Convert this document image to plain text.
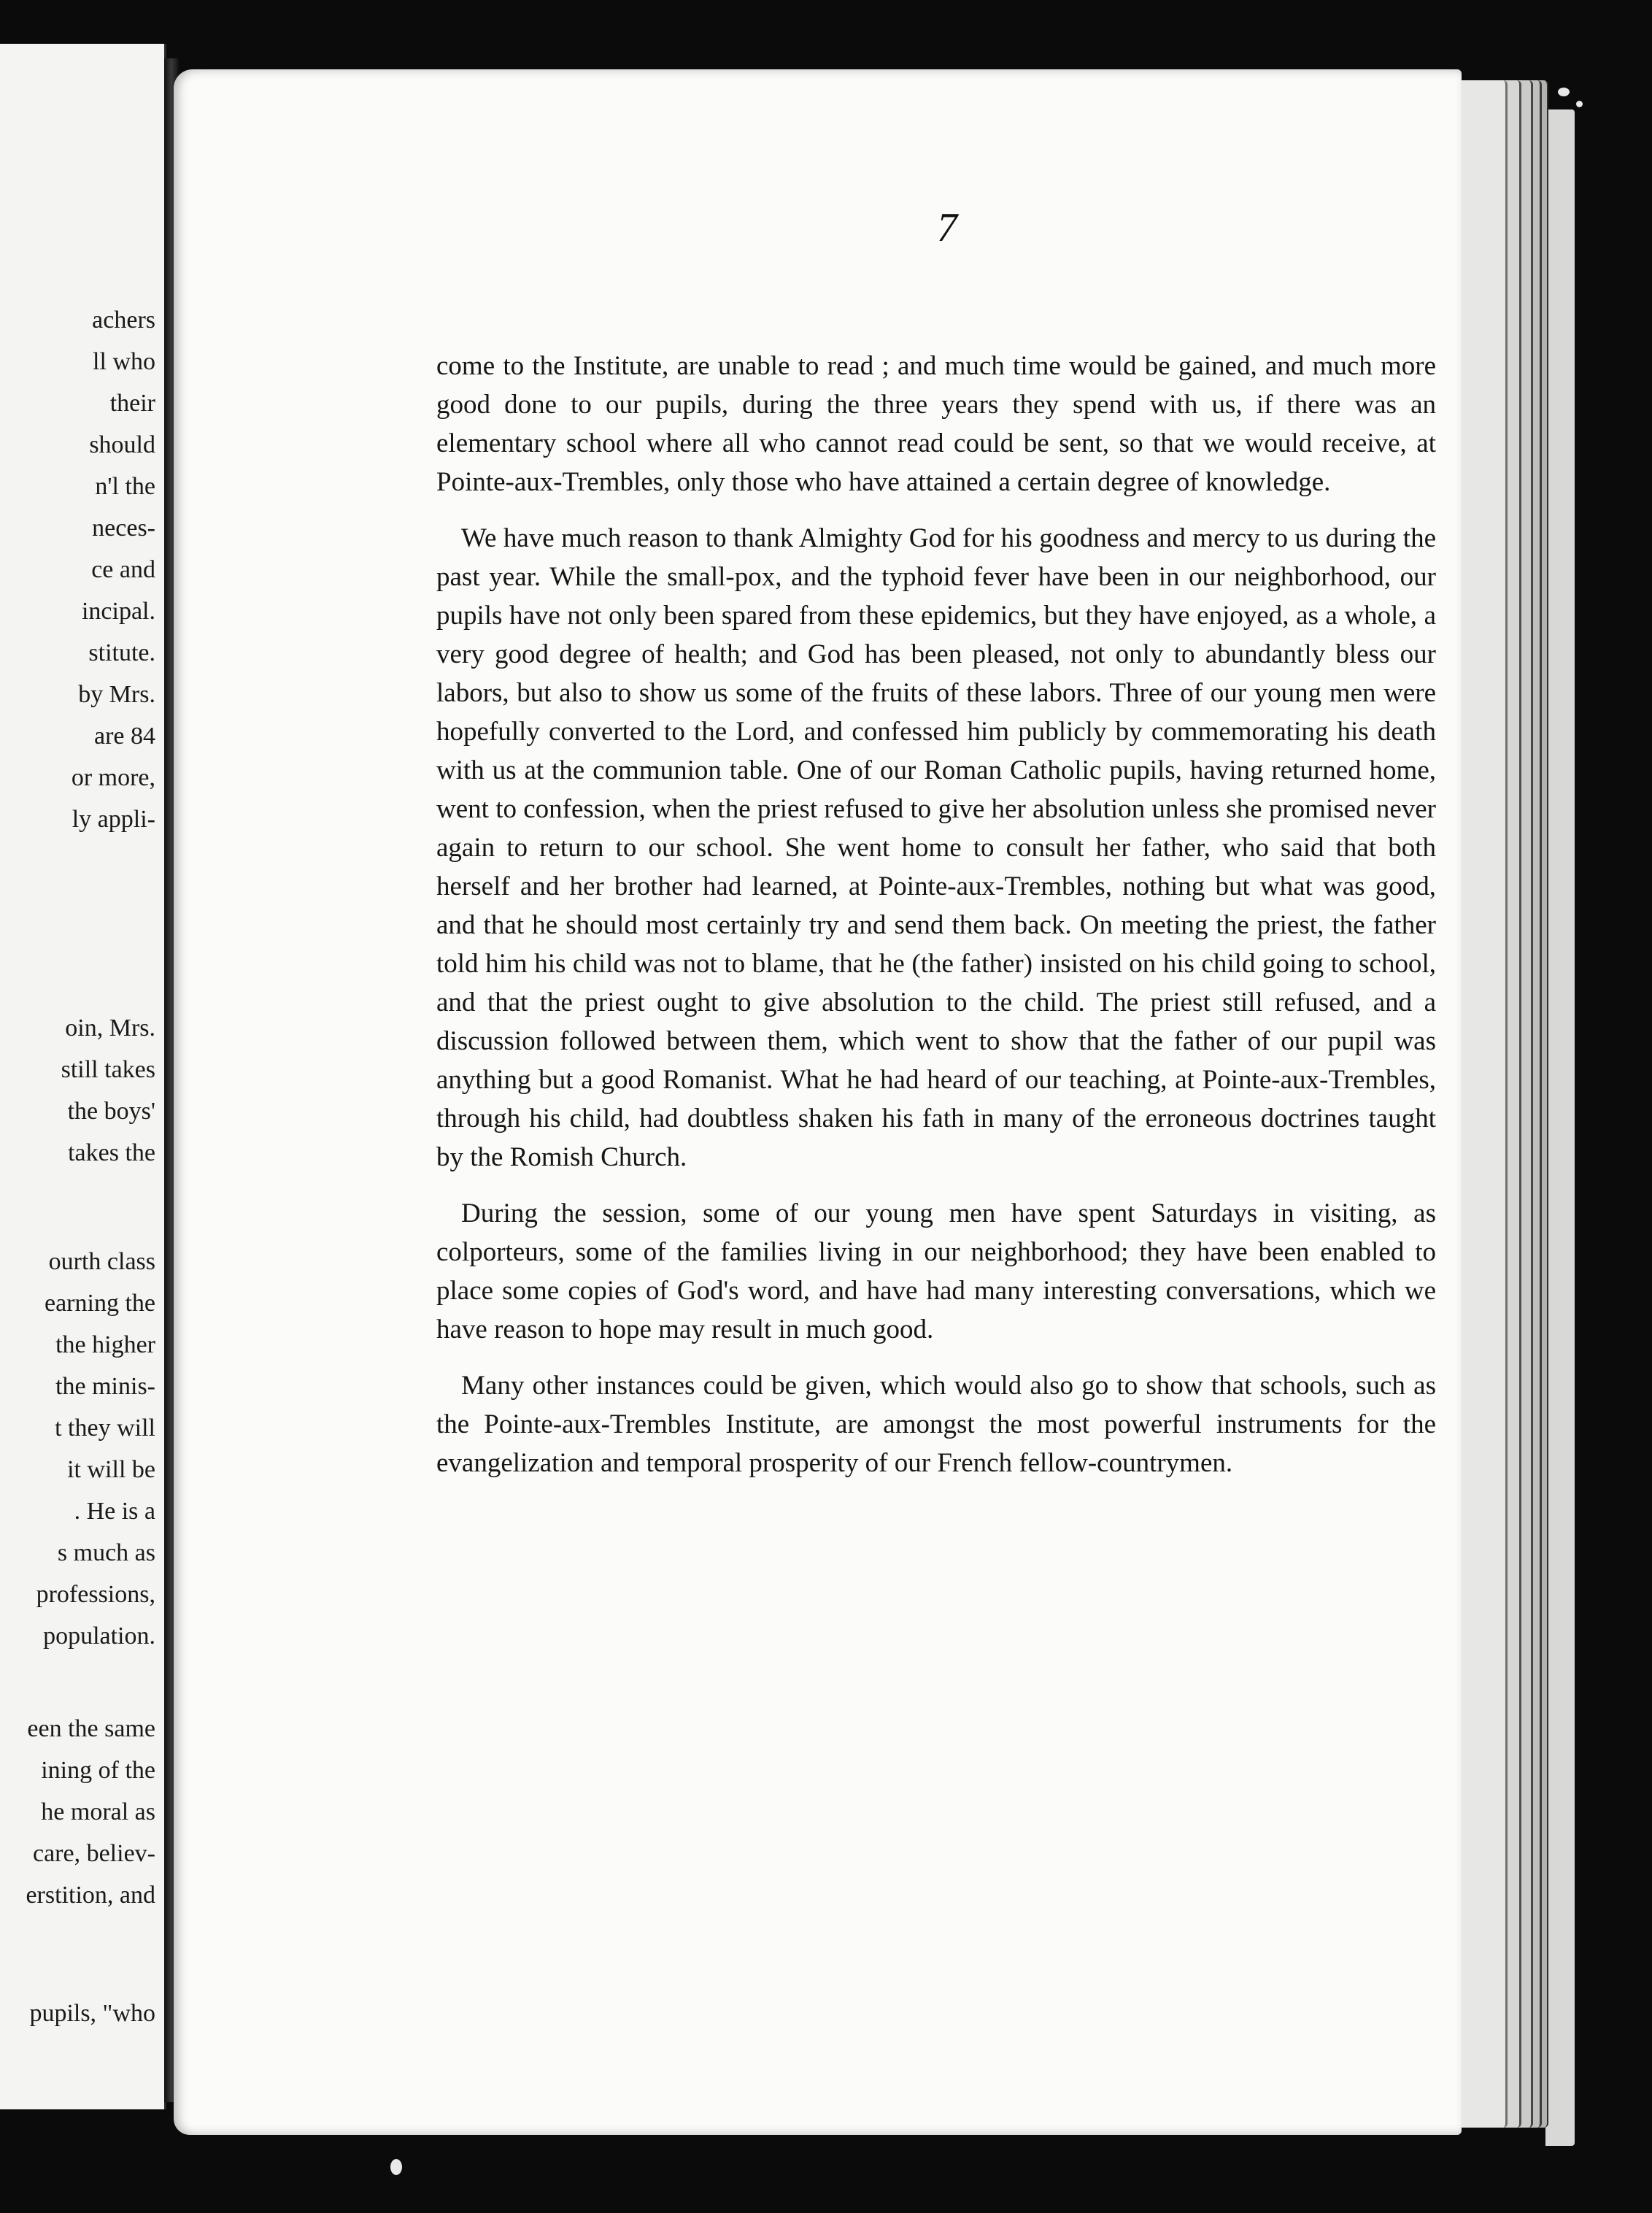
achers
ll who
their
should
n'l the
neces-
ce and
incipal.
stitute.
by Mrs.
are 84
or more,
ly appli-
oin, Mrs.
still takes
the boys'
takes the
ourth class
earning the
the higher
the minis-
t they will
it will be
. He is a
s much as
professions,
population.
een the same
ining of the
he moral as
care, believ-
erstition, and
pupils, "who
7

come to the Institute, are unable to read ; and much time would be gained, and much more good done to our pupils, during the three years they spend with us, if there was an elementary school where all who cannot read could be sent, so that we would receive, at Pointe-aux-Trembles, only those who have attained a certain degree of knowledge.

We have much reason to thank Almighty God for his goodness and mercy to us during the past year. While the small-pox, and the typhoid fever have been in our neighborhood, our pupils have not only been spared from these epidemics, but they have enjoyed, as a whole, a very good degree of health; and God has been pleased, not only to abundantly bless our labors, but also to show us some of the fruits of these labors. Three of our young men were hopefully converted to the Lord, and confessed him publicly by commemorating his death with us at the communion table. One of our Roman Catholic pupils, having returned home, went to confession, when the priest refused to give her absolution unless she promised never again to return to our school. She went home to consult her father, who said that both herself and her brother had learned, at Pointe-aux-Trembles, nothing but what was good, and that he should most certainly try and send them back. On meeting the priest, the father told him his child was not to blame, that he (the father) insisted on his child going to school, and that the priest ought to give absolution to the child. The priest still refused, and a discussion followed between them, which went to show that the father of our pupil was anything but a good Romanist. What he had heard of our teaching, at Pointe-aux-Trembles, through his child, had doubtless shaken his fath in many of the erroneous doctrines taught by the Romish Church.

During the session, some of our young men have spent Saturdays in visiting, as colporteurs, some of the families living in our neighborhood; they have been enabled to place some copies of God's word, and have had many interesting conversations, which we have reason to hope may result in much good.

Many other instances could be given, which would also go to show that schools, such as the Pointe-aux-Trembles Institute, are amongst the most powerful instruments for the evangelization and temporal prosperity of our French fellow-countrymen.
